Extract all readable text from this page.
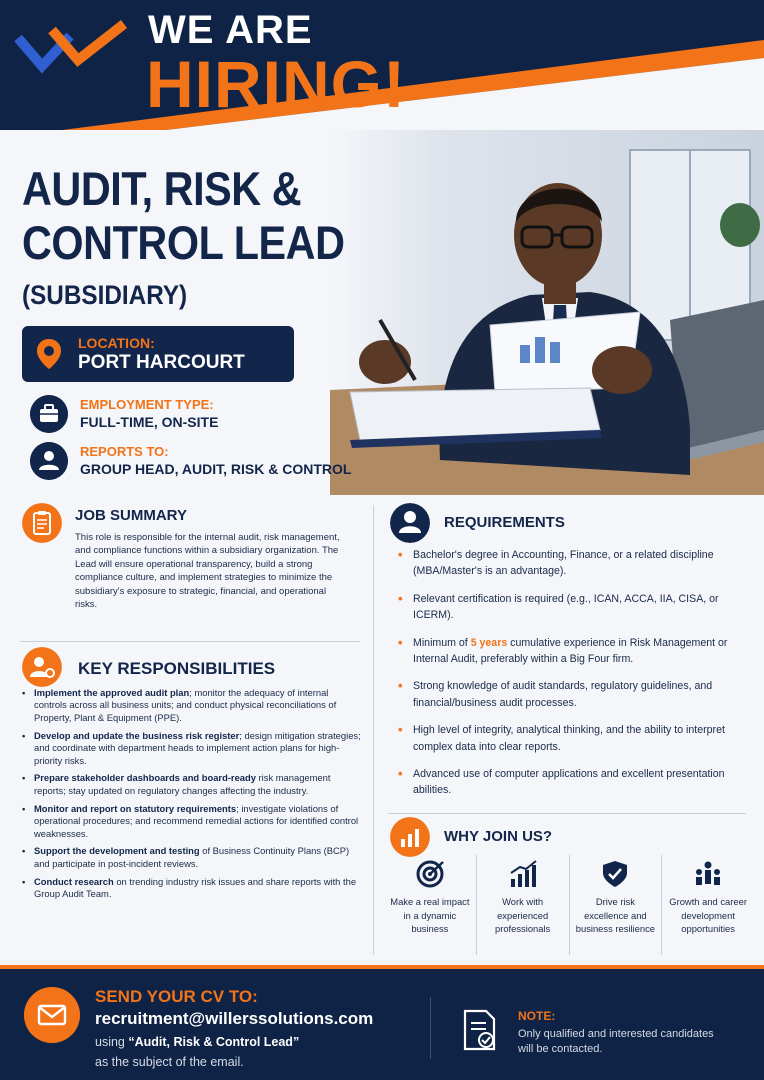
WE ARE
HIRING!
AUDIT, RISK &
CONTROL LEAD
(SUBSIDIARY)
LOCATION:
PORT HARCOURT
EMPLOYMENT TYPE:
FULL-TIME, ON-SITE
REPORTS TO:
GROUP HEAD, AUDIT, RISK & CONTROL
JOB SUMMARY

This role is responsible for the internal audit, risk management, and compliance functions within a subsidiary organization. The Lead will ensure operational transparency, build a strong compliance culture, and implement strategies to minimize the subsidiary's exposure to strategic, financial, and operational risks.

KEY RESPONSIBILITIES
• Implement the approved audit plan; monitor the adequacy of internal controls across all business units; and conduct physical reconciliations of Property, Plant & Equipment (PPE).
• Develop and update the business risk register; design mitigation strategies; and coordinate with department heads to implement action plans for high-priority risks.
• Prepare stakeholder dashboards and board-ready risk management reports; stay updated on regulatory changes affecting the industry.
• Monitor and report on statutory requirements; investigate violations of operational procedures; and recommend remedial actions for identified control weaknesses.
• Support the development and testing of Business Continuity Plans (BCP) and participate in post-incident reviews.
• Conduct research on trending industry risk issues and share reports with the Group Audit Team.
REQUIREMENTS
• Bachelor's degree in Accounting, Finance, or a related discipline (MBA/Master's is an advantage).
• Relevant certification is required (e.g., ICAN, ACCA, IIA, CISA, or ICERM).
• Minimum of 5 years cumulative experience in Risk Management or Internal Audit, preferably within a Big Four firm.
• Strong knowledge of audit standards, regulatory guidelines, and financial/business audit processes.
• High level of integrity, analytical thinking, and the ability to interpret complex data into clear reports.
• Advanced use of computer applications and excellent presentation abilities.
WHY JOIN US?
Make a real impact in a dynamic business
Work with experienced professionals
Drive risk excellence and business resilience
Growth and career development opportunities
SEND YOUR CV TO:
recruitment@willerssolutions.com
using “Audit, Risk & Control Lead”
as the subject of the email.
NOTE:
Only qualified and interested candidates will be contacted.
